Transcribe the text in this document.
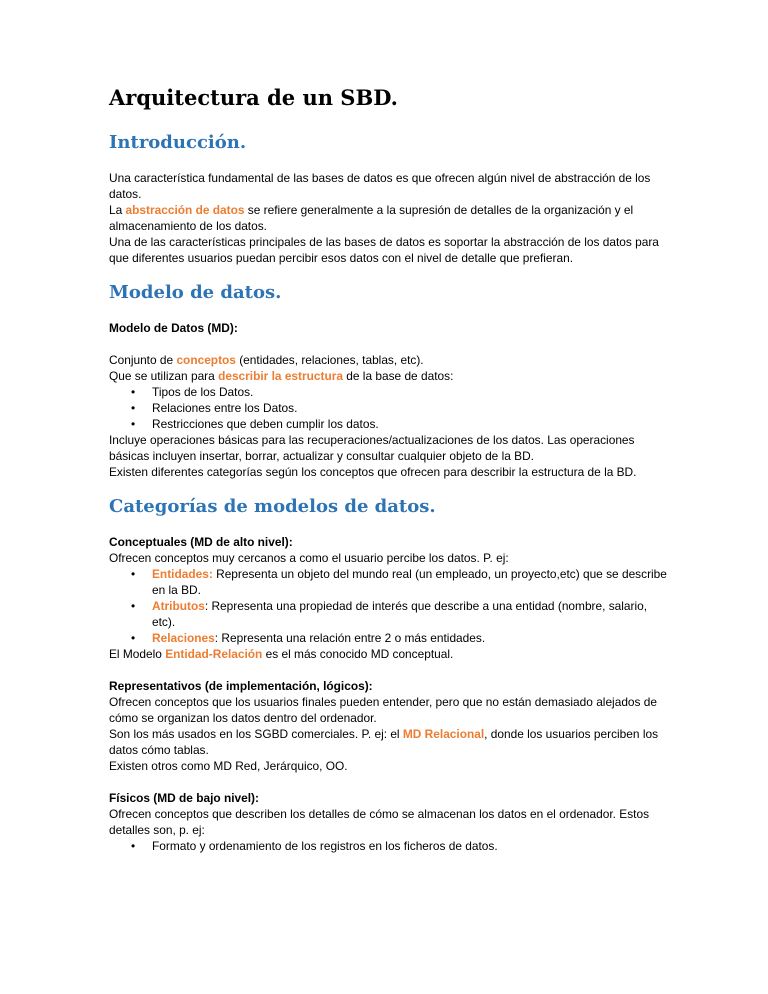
Arquitectura de un SBD.
Introducción.

Una característica fundamental de las bases de datos es que ofrecen algún nivel de abstracción de los datos.

La abstracción de datos se refiere generalmente a la supresión de detalles de la organización y el almacenamiento de los datos.

Una de las características principales de las bases de datos es soportar la abstracción de los datos para que diferentes usuarios puedan percibir esos datos con el nivel de detalle que prefieran.

Modelo de datos.

Modelo de Datos (MD):

Conjunto de conceptos (entidades, relaciones, tablas, etc).

Que se utilizan para describir la estructura de la base de datos:

• Tipos de los Datos.
• Relaciones entre los Datos.
• Restricciones que deben cumplir los datos.

Incluye operaciones básicas para las recuperaciones/actualizaciones de los datos. Las operaciones básicas incluyen insertar, borrar, actualizar y consultar cualquier objeto de la BD.

Existen diferentes categorías según los conceptos que ofrecen para describir la estructura de la BD.

Categorías de modelos de datos.

Conceptuales (MD de alto nivel):

Ofrecen conceptos muy cercanos a como el usuario percibe los datos. P. ej:

• Entidades: Representa un objeto del mundo real (un empleado, un proyecto,etc) que se describe en la BD.
• Atributos: Representa una propiedad de interés que describe a una entidad (nombre, salario, etc).
• Relaciones: Representa una relación entre 2 o más entidades.

El Modelo Entidad-Relación es el más conocido MD conceptual.

Representativos (de implementación, lógicos):

Ofrecen conceptos que los usuarios finales pueden entender, pero que no están demasiado alejados de cómo se organizan los datos dentro del ordenador.

Son los más usados en los SGBD comerciales. P. ej: el MD Relacional, donde los usuarios perciben los datos cómo tablas.

Existen otros como MD Red, Jerárquico, OO.

Físicos (MD de bajo nivel):

Ofrecen conceptos que describen los detalles de cómo se almacenan los datos en el ordenador. Estos detalles son, p. ej:

• Formato y ordenamiento de los registros en los ficheros de datos.
